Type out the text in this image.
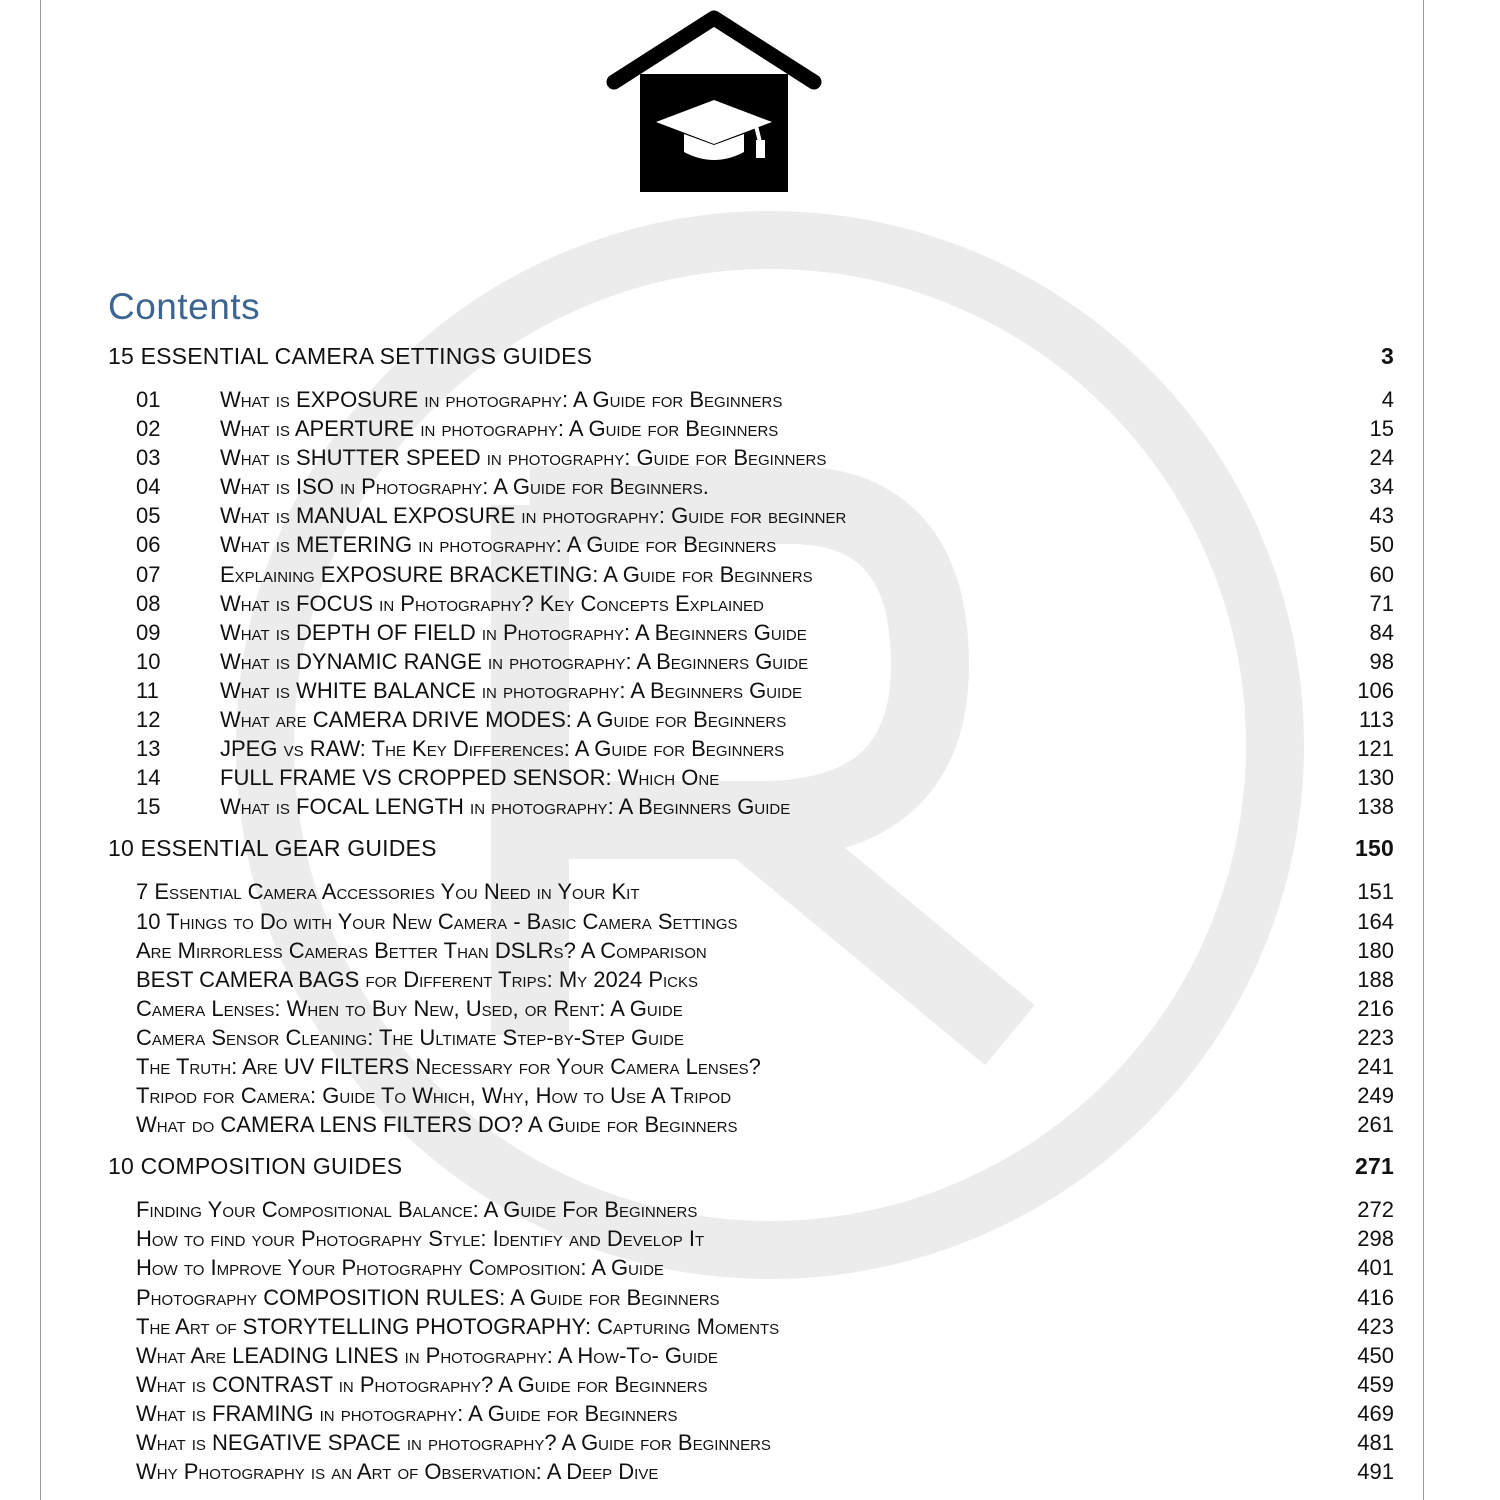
Contents
15 ESSENTIAL CAMERA SETTINGS GUIDES	3
01	What is EXPOSURE in photography: A Guide for Beginners	4
02	What is APERTURE in photography: A Guide for Beginners	15
03	What is SHUTTER SPEED in photography: Guide for Beginners	24
04	What is ISO in Photography: A Guide for Beginners.	34
05	What is MANUAL EXPOSURE in photography: Guide for beginner	43
06	What is METERING in photography: A Guide for Beginners	50
07	Explaining EXPOSURE BRACKETING: A Guide for Beginners	60
08	What is FOCUS in Photography? Key Concepts Explained	71
09	What is DEPTH OF FIELD in Photography: A Beginners Guide	84
10	What is DYNAMIC RANGE in photography: A Beginners Guide	98
11	What is WHITE BALANCE in photography: A Beginners Guide	106
12	What are CAMERA DRIVE MODES: A Guide for Beginners	113
13	JPEG vs RAW: The Key Differences: A Guide for Beginners	121
14	FULL FRAME VS CROPPED SENSOR: Which One	130
15	What is FOCAL LENGTH in photography: A Beginners Guide	138
10 ESSENTIAL GEAR GUIDES	150
7 Essential Camera Accessories You Need in Your Kit	151
10 Things to Do with Your New Camera - Basic Camera Settings	164
Are Mirrorless Cameras Better Than DSLRs? A Comparison	180
BEST CAMERA BAGS for Different Trips: My 2024 Picks	188
Camera Lenses: When to Buy New, Used, or Rent: A Guide	216
Camera Sensor Cleaning: The Ultimate Step-by-Step Guide	223
The Truth: Are UV FILTERS Necessary for Your Camera Lenses?	241
Tripod for Camera: Guide To Which, Why, How to Use A Tripod	249
What do CAMERA LENS FILTERS DO? A Guide for Beginners	261
10 COMPOSITION GUIDES	271
Finding Your Compositional Balance: A Guide For Beginners	272
How to find your Photography Style: Identify and Develop It	298
How to Improve Your Photography Composition: A Guide	401
Photography COMPOSITION RULES: A Guide for Beginners	416
The Art of STORYTELLING PHOTOGRAPHY: Capturing Moments	423
What Are LEADING LINES in Photography: A How-To- Guide	450
What is CONTRAST in Photography? A Guide for Beginners	459
What is FRAMING in photography: A Guide for Beginners	469
What is NEGATIVE SPACE in photography? A Guide for Beginners	481
Why Photography is an Art of Observation: A Deep Dive	491
